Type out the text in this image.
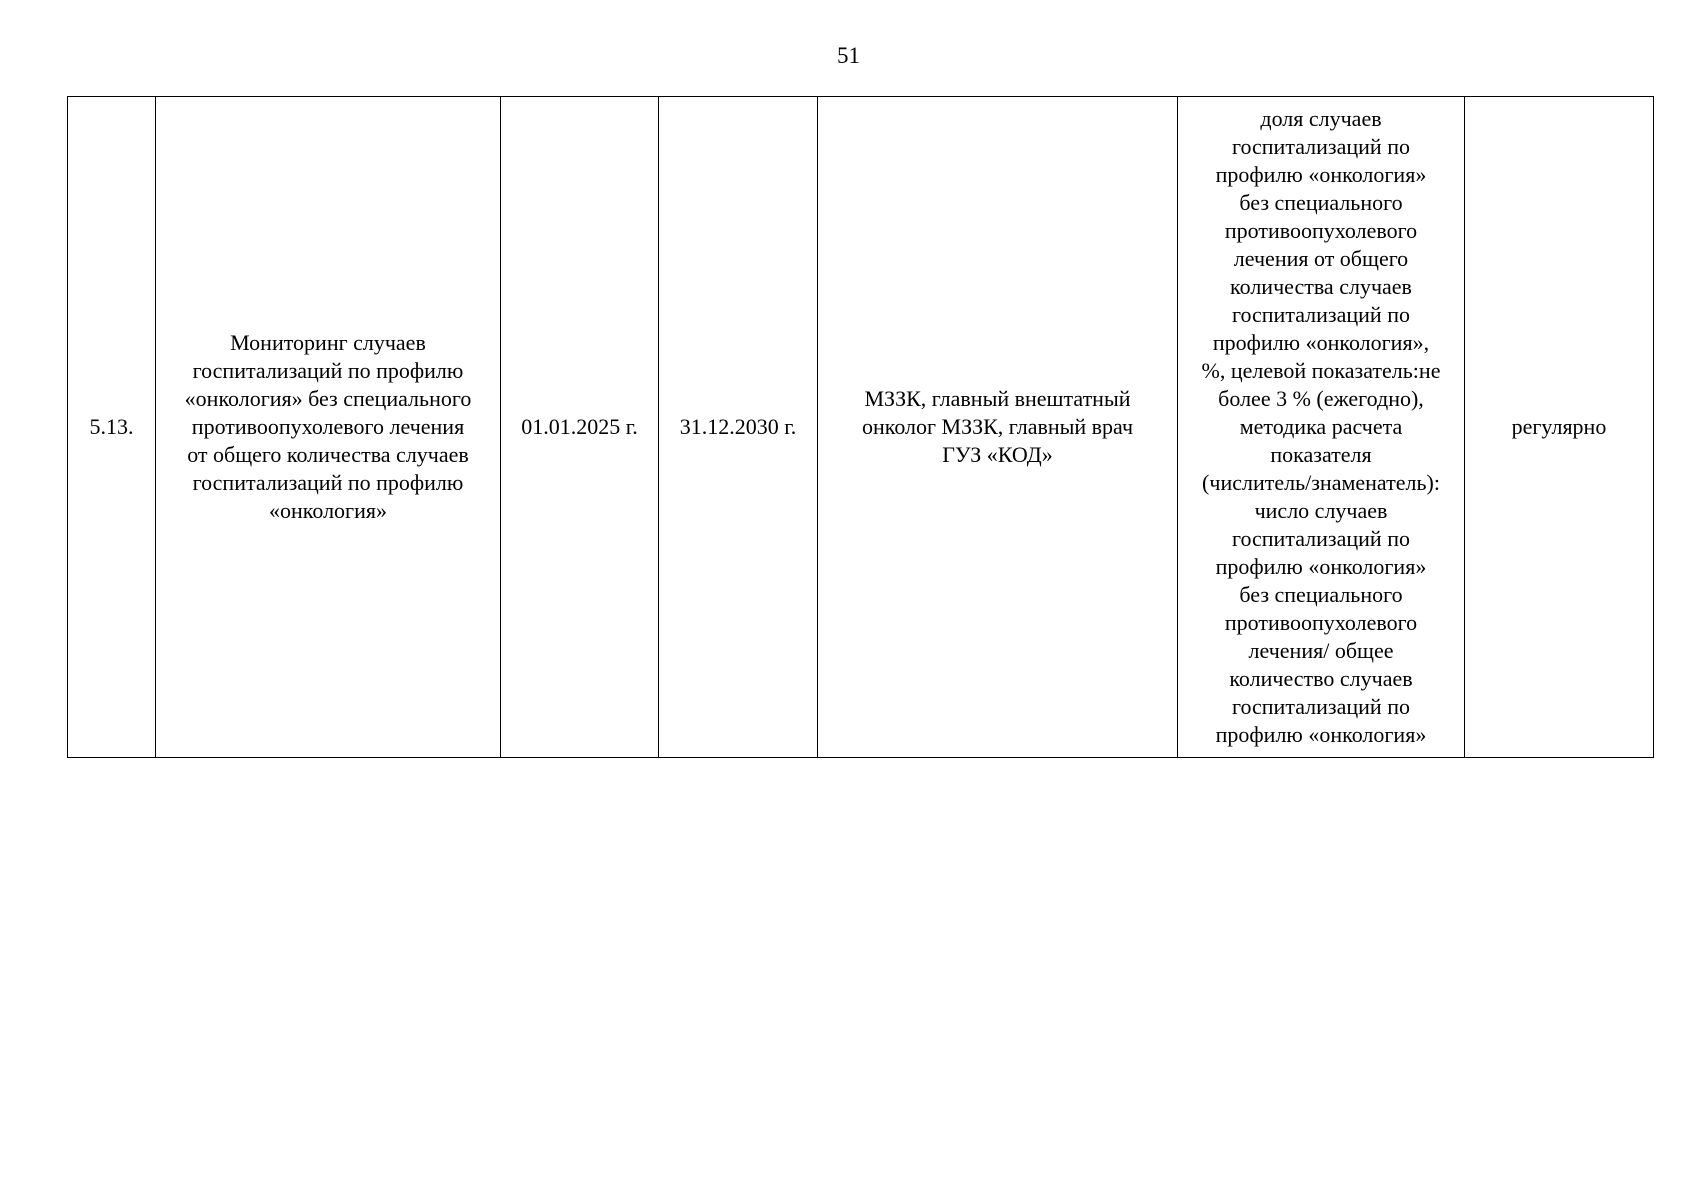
51
5.13.	Мониторинг случаев
госпитализаций по профилю
«онкология» без специального
противоопухолевого лечения
от общего количества случаев
госпитализаций по профилю
«онкология»	01.01.2025 г.	31.12.2030 г.	МЗЗК, главный внештатный
онколог МЗЗК, главный врач
ГУЗ «КОД»	доля случаев
госпитализаций по
профилю «онкология»
без специального
противоопухолевого
лечения от общего
количества случаев
госпитализаций по
профилю «онкология»,
%, целевой показатель:не
более 3 % (ежегодно),
методика расчета
показателя
(числитель/знаменатель):
число случаев
госпитализаций по
профилю «онкология»
без специального
противоопухолевого
лечения/ общее
количество случаев
госпитализаций по
профилю «онкология»	регулярно
